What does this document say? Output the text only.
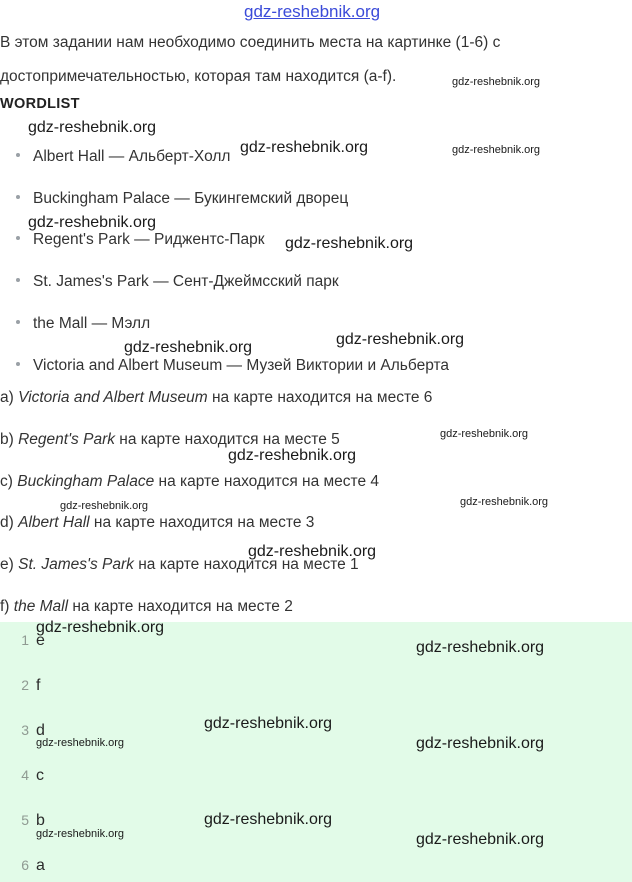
gdz-reshebnik.org
В этом задании нам необходимо соединить места на картинке (1-6) с
достопримечательностью, которая там находится (a-f).	gdz-reshebnik.org
WORDLIST
Albert Hall — Альберт-Холл
Buckingham Palace — Букингемский дворец
Regent's Park — Риджентс-Парк
St. James's Park — Сент-Джеймсский парк
the Mall — Мэлл
Victoria and Albert Museum — Музей Виктории и Альберта
a) Victoria and Albert Museum на карте находится на месте 6
b) Regent's Park на карте находится на месте 5
c) Buckingham Palace на карте находится на месте 4
d) Albert Hall на карте находится на месте 3
e) St. James's Park на карте находится на месте 1
f) the Mall на карте находится на месте 2
1 e
2 f
3 d
4 c
5 b
6 a
gdz-reshebnik.org
gdz-reshebnik.org	gdz-reshebnik.org
gdz-reshebnik.org
gdz-reshebnik.org
gdz-reshebnik.org
gdz-reshebnik.org
gdz-reshebnik.org
gdz-reshebnik.org
gdz-reshebnik.org
gdz-reshebnik.org
gdz-reshebnik.org
gdz-reshebnik.org
gdz-reshebnik.org
gdz-reshebnik.org
gdz-reshebnik.org	gdz-reshebnik.org
gdz-reshebnik.org
gdz-reshebnik.org	gdz-reshebnik.org
